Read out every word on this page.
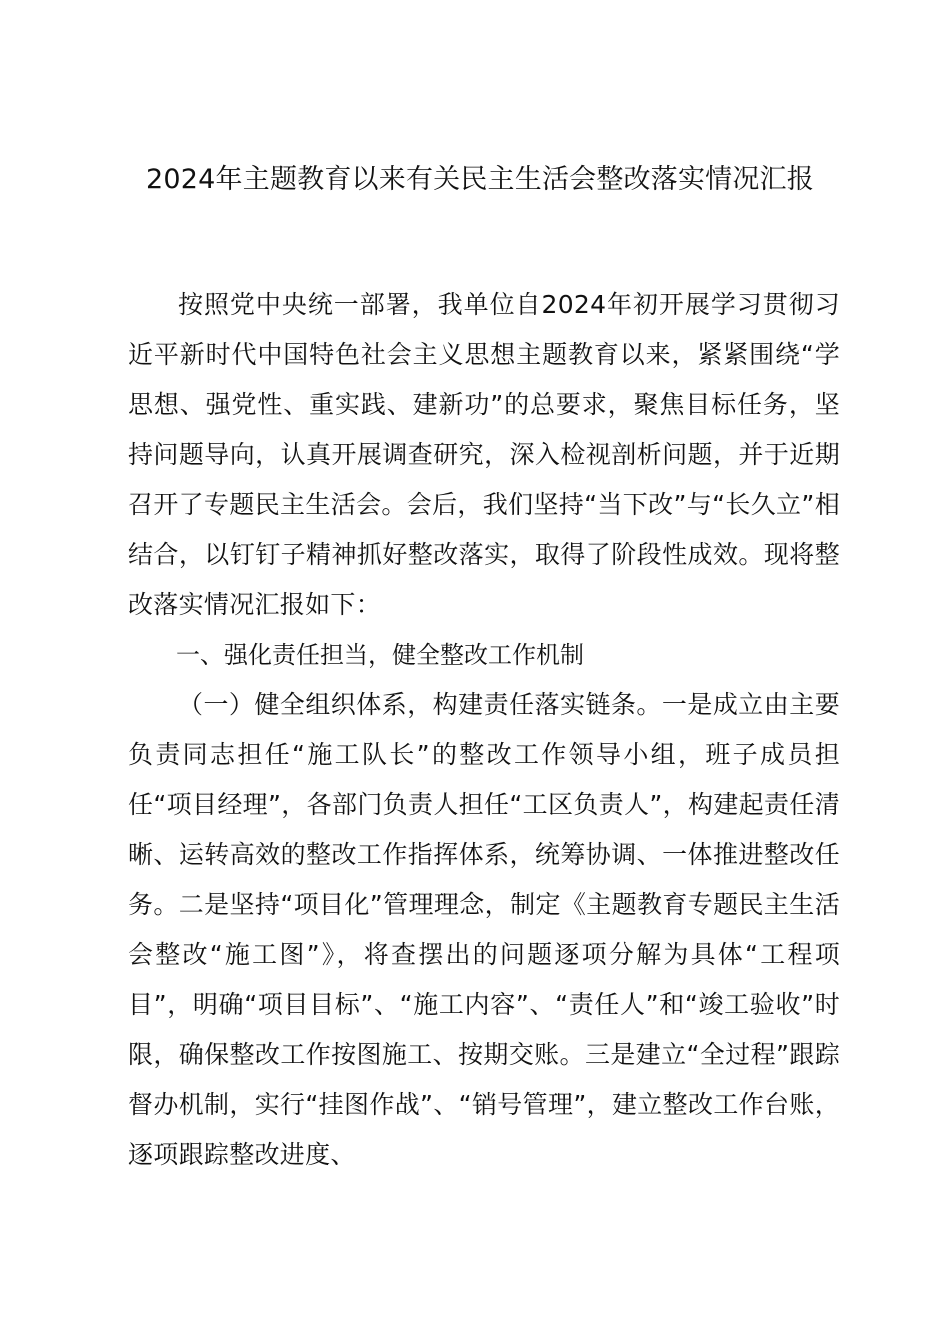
2024年主题教育以来有关民主生活会整改落实情况汇报

按照党中央统一部署，我单位自2024年初开展学习贯彻习近平新时代中国特色社会主义思想主题教育以来，紧紧围绕“学思想、强党性、重实践、建新功”的总要求，聚焦目标任务，坚持问题导向，认真开展调查研究，深入检视剖析问题，并于近期召开了专题民主生活会。会后，我们坚持“当下改”与“长久立”相结合，以钉钉子精神抓好整改落实，取得了阶段性成效。现将整改落实情况汇报如下：

一、强化责任担当，健全整改工作机制

（一）健全组织体系，构建责任落实链条。一是成立由主要负责同志担任“施工队长”的整改工作领导小组，班子成员担任“项目经理”，各部门负责人担任“工区负责人”，构建起责任清晰、运转高效的整改工作指挥体系，统筹协调、一体推进整改任务。二是坚持“项目化”管理理念，制定《主题教育专题民主生活会整改“施工图”》，将查摆出的问题逐项分解为具体“工程项目”，明确“项目目标”、“施工内容”、“责任人”和“竣工验收”时限，确保整改工作按图施工、按期交账。三是建立“全过程”跟踪督办机制，实行“挂图作战”、“销号管理”，建立整改工作台账，逐项跟踪整改进度、
